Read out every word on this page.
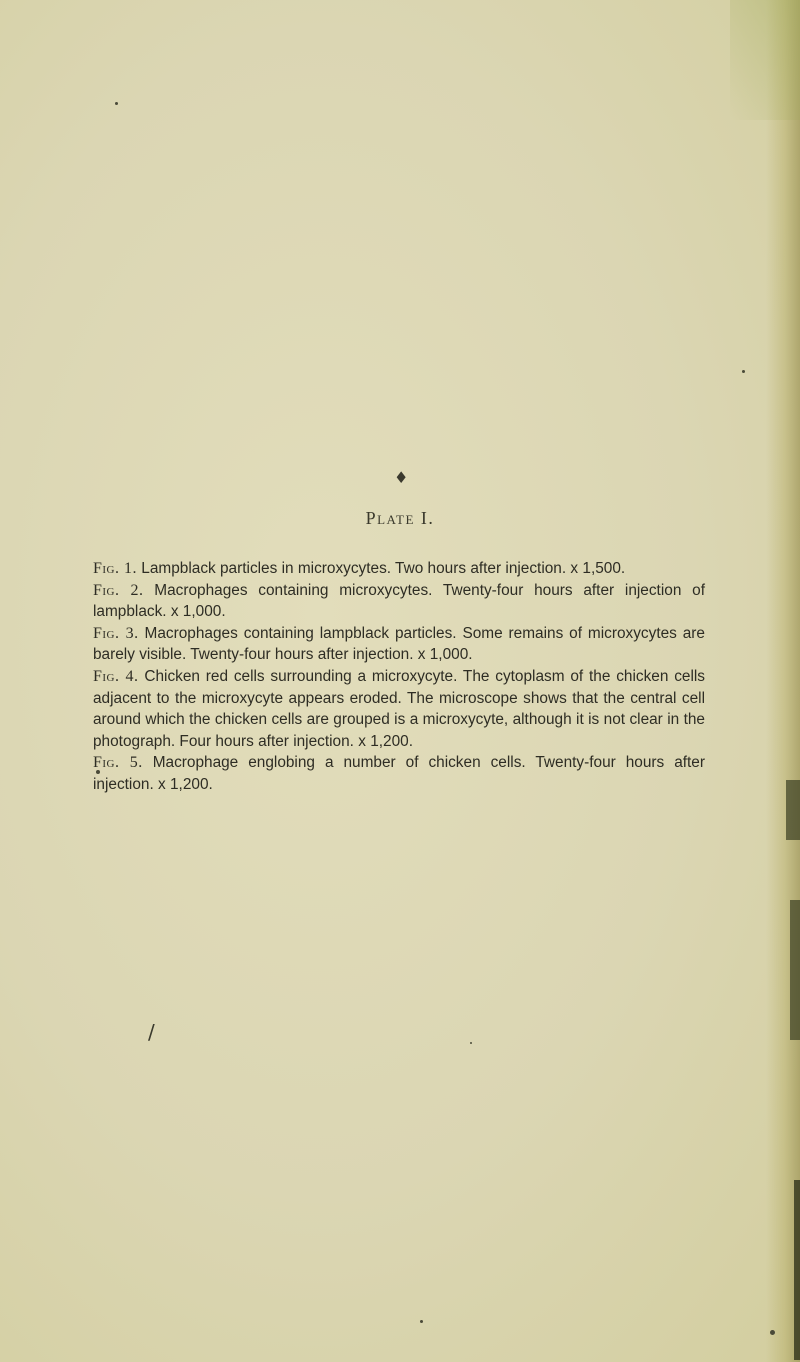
♦
Plate I.

Fig. 1. Lampblack particles in microxycytes. Two hours after injection. x 1,500.

Fig. 2. Macrophages containing microxycytes. Twenty-four hours after injection of lampblack. x 1,000.

Fig. 3. Macrophages containing lampblack particles. Some remains of microxycytes are barely visible. Twenty-four hours after injection. x 1,000.

Fig. 4. Chicken red cells surrounding a microxycyte. The cytoplasm of the chicken cells adjacent to the microxycyte appears eroded. The microscope shows that the central cell around which the chicken cells are grouped is a microxycyte, although it is not clear in the photograph. Four hours after injection. x 1,200.

Fig. 5. Macrophage englobing a number of chicken cells. Twenty-four hours after injection. x 1,200.

/
